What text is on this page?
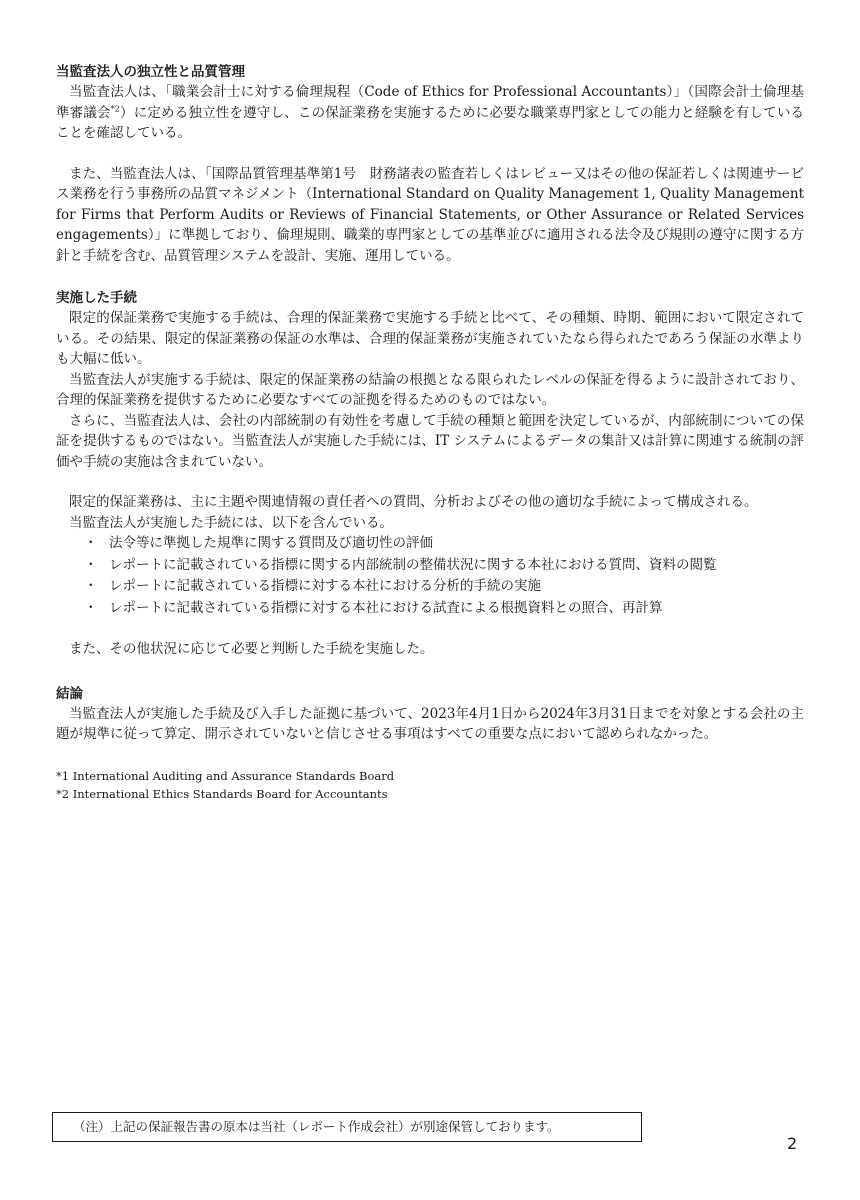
当監査法人の独立性と品質管理

当監査法人は、「職業会計士に対する倫理規程（Code of Ethics for Professional Accountants）」（国際会計士倫理基準審議会$^{*2}$）に定める独立性を遵守し、この保証業務を実施するために必要な職業専門家としての能力と経験を有していることを確認している。

また、当監査法人は、「国際品質管理基準第1号　財務諸表の監査若しくはレビュー又はその他の保証若しくは関連サービス業務を行う事務所の品質マネジメント（International Standard on Quality Management 1, Quality Management for Firms that Perform Audits or Reviews of Financial Statements, or Other Assurance or Related Services engagements）」に準拠しており、倫理規則、職業的専門家としての基準並びに適用される法令及び規則の遵守に関する方針と手続を含む、品質管理システムを設計、実施、運用している。

実施した手続

限定的保証業務で実施する手続は、合理的保証業務で実施する手続と比べて、その種類、時期、範囲において限定されている。その結果、限定的保証業務の保証の水準は、合理的保証業務が実施されていたなら得られたであろう保証の水準よりも大幅に低い。

当監査法人が実施する手続は、限定的保証業務の結論の根拠となる限られたレベルの保証を得るように設計されており、合理的保証業務を提供するために必要なすべての証拠を得るためのものではない。

さらに、当監査法人は、会社の内部統制の有効性を考慮して手続の種類と範囲を決定しているが、内部統制についての保証を提供するものではない。当監査法人が実施した手続には、IT システムによるデータの集計又は計算に関連する統制の評価や手続の実施は含まれていない。

限定的保証業務は、主に主題や関連情報の責任者への質問、分析およびその他の適切な手続によって構成される。

当監査法人が実施した手続には、以下を含んでいる。

・ 法令等に準拠した規準に関する質問及び適切性の評価
・ レポートに記載されている指標に関する内部統制の整備状況に関する本社における質問、資料の閲覧
・ レポートに記載されている指標に対する本社における分析的手続の実施
・ レポートに記載されている指標に対する本社における試査による根拠資料との照合、再計算

また、その他状況に応じて必要と判断した手続を実施した。

結論

当監査法人が実施した手続及び入手した証拠に基づいて、2023年4月1日から2024年3月31日までを対象とする会社の主題が規準に従って算定、開示されていないと信じさせる事項はすべての重要な点において認められなかった。

*1 International Auditing and Assurance Standards Board

*2 International Ethics Standards Board for Accountants

（注）上記の保証報告書の原本は当社（レポート作成会社）が別途保管しております。
2
